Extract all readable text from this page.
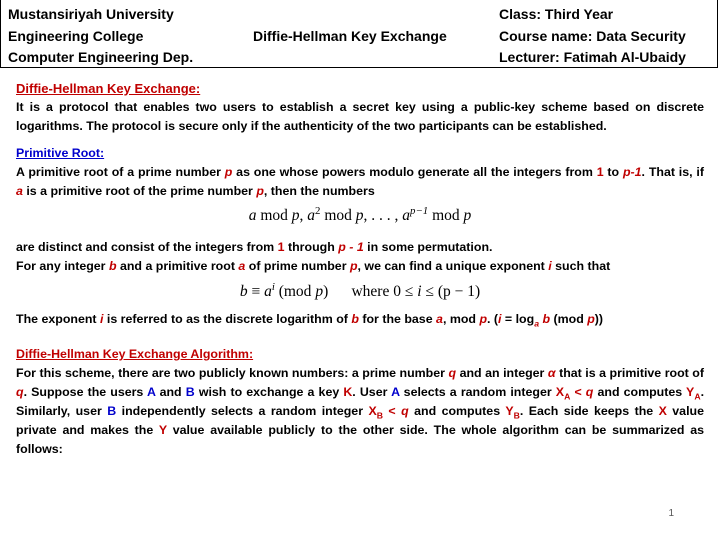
Mustansiriyah University
Engineering College
Computer Engineering Dep.
Diffie-Hellman Key Exchange
Class: Third Year
Course name: Data Security
Lecturer: Fatimah Al-Ubaidy

Diffie-Hellman Key Exchange:

It is a protocol that enables two users to establish a secret key using a public-key scheme based on discrete logarithms. The protocol is secure only if the authenticity of the two participants can be established.

Primitive Root:

A primitive root of a prime number p as one whose powers modulo generate all the integers from 1 to p-1. That is, if a is a primitive root of the prime number p, then the numbers

a mod p, $a^2$ mod p, . . . , $a^{p-1}$ mod p

are distinct and consist of the integers from 1 through p - 1 in some permutation.

For any integer b and a primitive root a of prime number p, we can find a unique exponent i such that

$b \equiv a^i$ (mod p) where 0 ≤ i ≤ (p − 1)

The exponent i is referred to as the discrete logarithm of b for the base a, mod p. ($i = \log_a b$ (mod p))

Diffie-Hellman Key Exchange Algorithm:

For this scheme, there are two publicly known numbers: a prime number q and an integer α that is a primitive root of q. Suppose the users A and B wish to exchange a key K. User A selects a random integer $X_A < q$ and computes $Y_A$. Similarly, user B independently selects a random integer $X_B < q$ and computes $Y_B$. Each side keeps the X value private and makes the Y value available publicly to the other side. The whole algorithm can be summarized as follows:

1
